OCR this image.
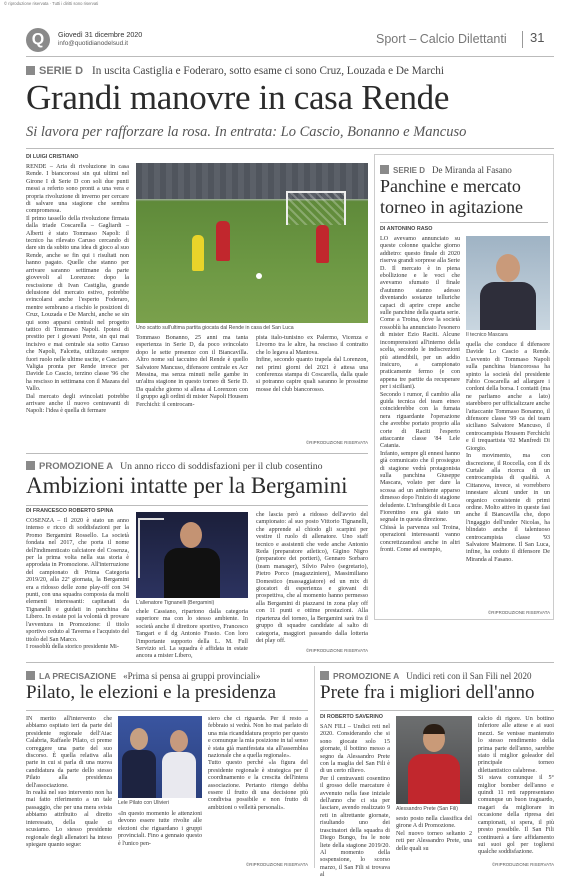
© riproduzione riservata · Tutti i diritti sono riservati
Q	Giovedì 31 dicembre 2020
info@quotidianodelsud.it	Sport – Calcio Dilettanti 31
SERIE D In uscita Castiglia e Foderaro, sotto esame ci sono Cruz, Louzada e De Marchi
Grandi manovre in casa Rende
Si lavora per rafforzare la rosa. In entrata: Lo Cascio, Bonanno e Mancuso
DI LUIGI CRISTIANO
RENDE – Aria di rivoluzione in casa Rende. I biancorossi sin qui ultimi nel Girone I di Serie D con soli due punti messi a referto sono pronti a una vera e propria rivoluzione di inverno per cercare di salvare una stagione che sembra compromessa.
Il primo tassello della rivoluzione firmata dalla triade Coscarella – Gagliardi – Alberti è stato Tommaso Napoli: il tecnico ha rilevato Caruso cercando di dare sin da subito una idea di gioco al suo Rende, anche se fin qui i risultati non hanno pagato. Quelle che stanno per arrivare saranno settimane da parte giovevoli al Lorenzon: dopo la rescissione di Ivan Castiglia, grande delusione del mercato estivo, potrebbe svincolarsi anche l'esperto Foderaro, mentre sembrano a rischio le posizioni di Cruz, Louzada e De Marchi, anche se sin qui sono apparsi centrali nel progetto tattico di Tommaso Napoli. Ipotesi di prestito per i giovani Prete, sin qui mai incisivo e mai centrale sia sotto Caruso che Napoli, Falcetta, utilizzato sempre fuori ruolo nelle ultime uscite, e Casciaro. Valigia pronta per Rende invece per Davide Lo Cascio, terzino classe '96 che ha rescisso in settimana con il Mazara del Vallo.
Dal mercato degli svincolati potrebbe arrivare anche il nuovo centravanti di Napoli: l'idea è quella di fermare
Uno scatto sull'ultima partita giocata dal Rende in casa del San Luca
Tommaso Bonanno, 25 anni ma tanta esperienza in Serie D, da poco svincolato dopo le sette presenze con il Biancavilla. Altro nome sul taccuino del Rende è quello Salvatore Mancuso, difensore centrale ex Acr Messina, ma senza minuti nelle gambe in un'altra stagione in questo torneo di Serie D. Da qualche giorno si allena al Lorenzon con il gruppo agli ordini di mister Napoli Housem Ferchichi: il centrocam-
pista italo-tunisino ex Palermo, Vicenza e Livorno tra le altre, ha rescisso il contratto che lo legava al Mantova.
Infine, secondo quanto trapela dal Lorenzon, nei primi giorni del 2021 è attesa una conferenza stampa di Coscarella, dalla quale si potranno capire quali saranno le prossime mosse del club biancorosso.
©RIPRODUZIONE RISERVATA
SERIE D De Miranda al Fasano
Panchine e mercato torneo in agitazione
DI ANTONINO RASO
LO avevamo annunciato su queste colonne qualche giorno addietro: questo finale di 2020 riserva grandi sorprese alla Serie D. Il mercato è in piena ebollizione e le voci che avevamo sfumato il finale d'autunno stanno adesso diventando sostanze telluriche capaci di aprire crepe anche sulle panchine della quarta serie. Come a Troina, dove la società rossoblù ha annunciato l'esonero di mister Ezio Raciti. Alcune incomprensioni all'interno della scelta, secondo le indiscrezioni più attendibili, per un addio insicuro, a campionato praticamente fermo (e con appena tre partite da recuperare per i siciliani).
Secondo i rumor, il cambio alla guida tecnica del team etneo coinciderebbe con la fumata nera riguardante l'operazione che avrebbe portato proprio alla corte di Raciti l'esperto attaccante classe '84 Lele Catania.
Infanto, sempre gli ennesi hanno già comunicato che il prosieguo di stagione vedrà protagonista sulla panchina Giuseppe Mascara, volato per dare la scossa ad un ambiente apparso dimesso dopo l'inizio di stagione deludente. L'infrangibile di Luca Fiorentino era già stato un segnale in questa direzione.
Chissà la parvenza sul Troina, operazioni interessanti vanno concretizzandosi anche in altri fronti. Come ad esempio,
Il tecnico Mascara
quella che conduce il difensore Davide Lo Cascio a Rende. L'avvento di Tommaso Napoli sulla panchina biancorossa ha spinto la società del presidente Fabio Coscarella ad allargare i cordoni della borsa. I contatti (ma ne parliamo anche a lato) starebbero per ufficializzare anche l'attaccante Tommaso Bonanno, il difensore classe '99 ca del team siciliano Salvatore Mancuso, il centrocampista Housem Ferchichi e il trequartista '02 Manfredi Di Giorgio.
In movimento, ma con discrezione, il Roccella, con il dx Curtale alla ricerca di un centrocampista di qualità. A Cittanova, invece, si vorrebbero innestare alcuni under in un organico consistente di primi ordine. Molto attivo in queste fasi anche il Biancavilla che, dopo l'ingaggio dell'under Nicolas, ha blindato anche il talentuoso centrocampista classe '93 Salvatore Maimone. Il San Luca, infine, ha ceduto il difensore De Miranda al Fasano.
©RIPRODUZIONE RISERVATA
PROMOZIONE A Un anno ricco di soddisfazioni per il club cosentino
Ambizioni intatte per la Bergamini
DI FRANCESCO ROBERTO SPINA
COSENZA – Il 2020 è stato un anno intenso e ricco di soddisfazioni per la Promo Bergamini Rossello. La società fondata nel 2017, che porta il nome dell'indimenticato calciatore del Cosenza, per la prima volta nella sua storia è approdata in Promozione. All'interruzione del campionato di Prima Categoria 2019/20, alla 22ª giornata, la Bergamini era a ridosso delle zone play-off con 34 punti, con una squadra composta da molti elementi interessanti: capitanati da Tignanelli e guidati in panchina da Libero. In estate poi la volontà di provare l'avventura in Promozione: il titolo sportivo ceduto al Taverna e l'acquisto del titolo del San Marco.
I rossoblù della storico presidente Mi-
L'allenatore Tignanelli (Bergamini)
chele Cassiano, ripartono dalla categoria superiore ma con lo stesso ambiente. In società anche il direttore sportivo, Francesco Tangari e il dg Antonio Frasto. Con loro l'importante supporto della L. M. Full Servizio srl. La squadra è affidata in estate ancora a mister Libero,
che lascia però a ridosso dell'avvio del campionato: al suo posto Vittorio Tignanelli, che apprende al chiodo gli scarpini per vestire il ruolo di allenatore. Uno staff tecnico e assistenti che vede anche Antonio Reda (preparatore atletico), Gigino Nigro (preparatore dei portieri), Gennaro Sorbaro (team manager), Silvio Palvo (segretario), Pietro Porco (magazziniere), Massimiliano Domestico (massaggiatore) ed un mix di giocatori di esperienza e giovani di prospettiva, che al momento hanno permesso alla Bergamini di piazzarsi in zona play off con 11 punti e ottime prestazioni. Alla ripartenza del torneo, la Bergamini sarà tra il gruppo di squadre candidate al salto di categoria, maggiori passando dalla lotteria dei play off.
©RIPRODUZIONE RISERVATA
LA PRECISAZIONE «Prima si pensa ai gruppi provinciali»
Pilato, le elezioni e la presidenza
IN merito all'intervento che abbiamo ospitato ieri da parte del presidente regionale dell'Aiac Calabria, Raffaele Pilato, ci preme correggere una parte del suo discorso. È quella relativa alla parte in cui si parla di una nuova candidatura da parte dello stesso Pilato alla presidenza dell'associazione.
In realtà nel suo intervento non ha mai fatto riferimento a un tale passaggio, che per una mera svista abbiamo attribuito al diretto interessato, della quale ci scusiamo. Lo stesso presidente regionale degli allenatori ha inteso spiegare quanto segue:
Lele Pilato con Ulivieri
«In questo momento le attenzioni devono essere tutte rivolte alle elezioni che riguardano i gruppi provinciali. Fino a gennaio questo è l'unico pen-
siero che ci riguarda. Per il resto a febbraio si vedrà. Non ho mai parlato di una mia ricandidatura proprio per questo e comunque la mia posizione in tal senso è stata già manifestata sia all'assemblea nazionale che a quella regionale».
Tutto questo perché «la figura del presidente regionale è strategica per il coordinamento e la crescita dell'intera associazione. Pertanto ritengo debba essere il frutto di una decisione più condivisa possibile e non frutto di ambizioni o velleità personali».
©RIPRODUZIONE RISERVATA
PROMOZIONE A Undici reti con il San Fili nel 2020
Prete fra i migliori dell'anno
DI ROBERTO SAVERINO
SAN FILI – Undici reti nel 2020. Considerando che si sono giocate solo 15 giornate, il bottino messo a segno da Alessandro Prete con la maglia del San Fili è di un certo rilievo.
Per il centravanti cosentino il grosso delle marcature è avvenuto nella fase iniziale dell'anno che ci sta per lasciare, avendo realizzato 9 reti in altrettante giornate, risultando uno dei trascinatori della squadra di Diego Bungo, fra le note liete della stagione 2019/20. Al momento della sospensione, lo scorso marzo, il San Fili si trovava al
Alessandro Prete (San Fili)
sesto posto nella classifica del girone A di Promozione.
Nel nuovo torneo seltanto 2 reti per Alessandro Prete, una delle quali su
calcio di rigore. Un bottino inferiore alle attese e ai suoi mezzi. Se venisse mantenuto lo stesso rendimento della prima parte dell'anno, sarebbe stato il miglior goleador del principale torneo dilettantistico calabrese.
Si stava comunque il 5° miglior bomber dell'anno e quindi 11 reti rappresentano comunque un buon traguardo, magari da migliorare in occasione della ripresa dei campionati, si spera, il più presto possibile. Il San Fili continuerà a fare affidamento sui suoi gol per togliersi qualche soddisfazione.
©RIPRODUZIONE RISERVATA
